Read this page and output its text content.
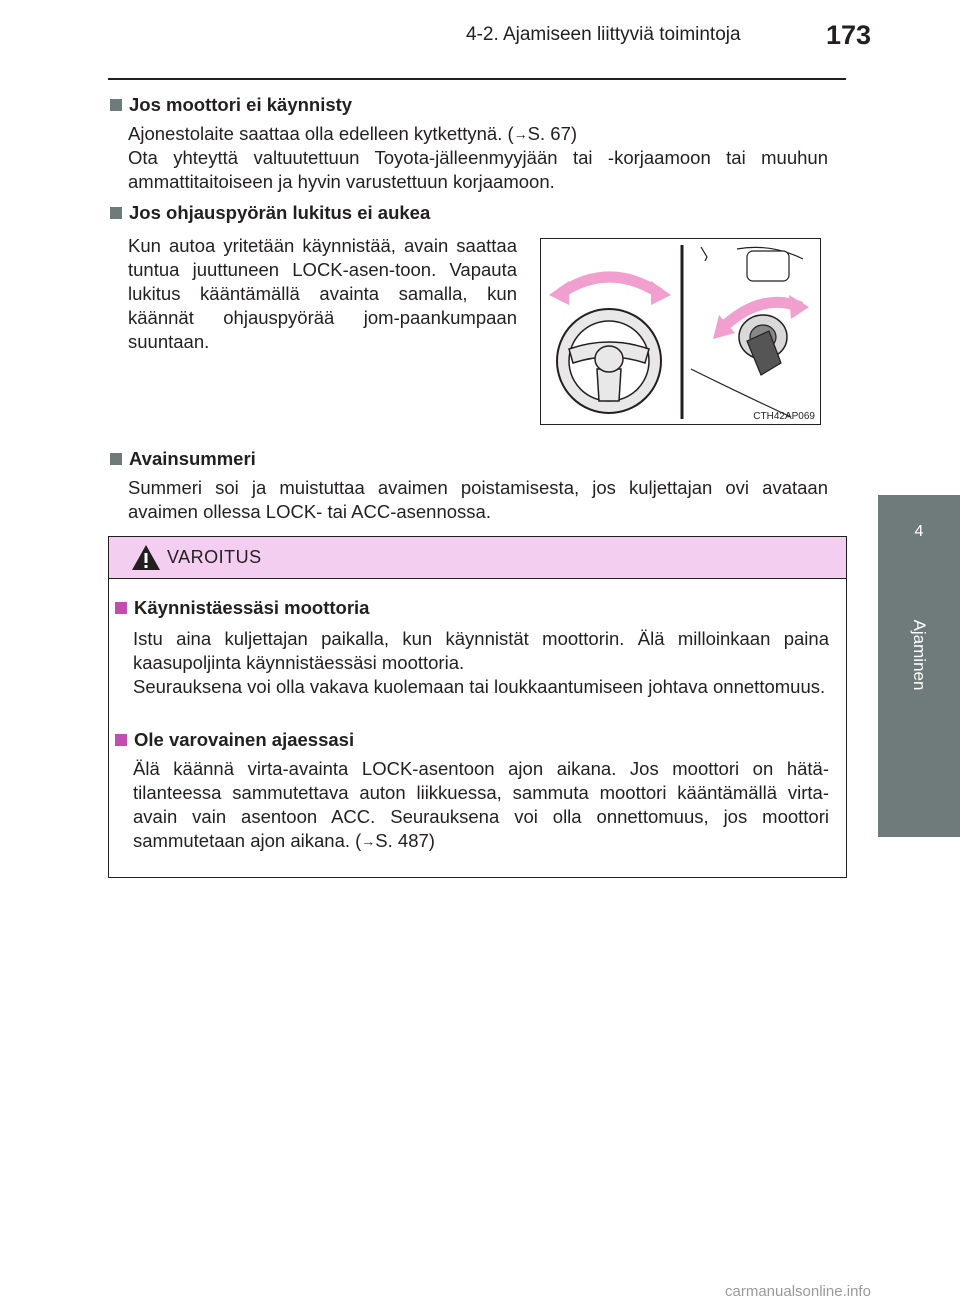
4-2. Ajamiseen liittyviä toimintoja	173
4
Ajaminen
Jos moottori ei käynnisty

Ajonestolaite saattaa olla edelleen kytkettynä. (→S. 67)

Ota yhteyttä valtuutettuun Toyota-jälleenmyyjään tai -korjaamoon tai muuhun ammattitaitoiseen ja hyvin varustettuun korjaamoon.

Jos ohjauspyörän lukitus ei aukea
Kun autoa yritetään käynnistää, avain saattaa tuntua juuttuneen LOCK-asen-toon. Vapauta lukitus kääntämällä avainta samalla, kun käännät ohjauspyörää jom-paankumpaan suuntaan.
CTH42AP069
Avainsummeri
Summeri soi ja muistuttaa avaimen poistamisesta, jos kuljettajan ovi avataan avaimen ollessa LOCK- tai ACC-asennossa.
VAROITUS
Käynnistäessäsi moottoria

Istu aina kuljettajan paikalla, kun käynnistät moottorin. Älä milloinkaan paina kaasupoljinta käynnistäessäsi moottoria.

Seurauksena voi olla vakava kuolemaan tai loukkaantumiseen johtava onnettomuus.

Ole varovainen ajaessasi

Älä käännä virta-avainta LOCK-asentoon ajon aikana. Jos moottori on hätä-tilanteessa sammutettava auton liikkuessa, sammuta moottori kääntämällä virta-avain vain asentoon ACC. Seurauksena voi olla onnettomuus, jos moottori sammutetaan ajon aikana. (→S. 487)

carmanualsonline.info
